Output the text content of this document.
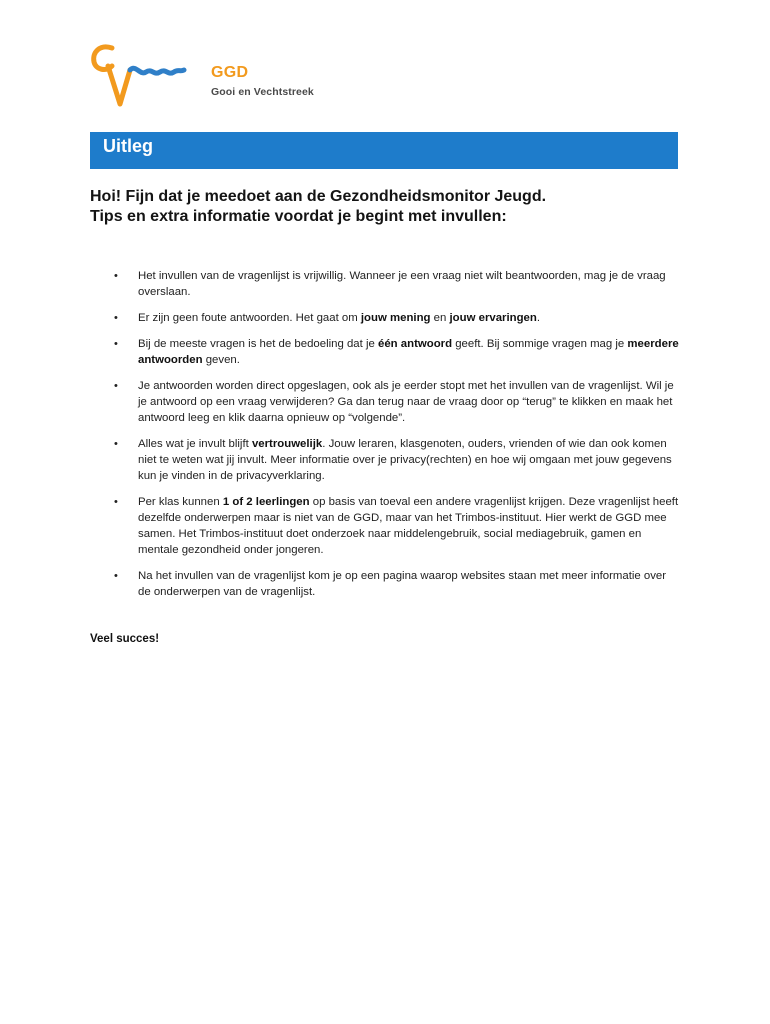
GGD
Gooi en Vechtstreek
Uitleg
Hoi! Fijn dat je meedoet aan de Gezondheidsmonitor Jeugd.
Tips en extra informatie voordat je begint met invullen:
• Het invullen van de vragenlijst is vrijwillig. Wanneer je een vraag niet wilt beantwoorden, mag je de vraag overslaan.
• Er zijn geen foute antwoorden. Het gaat om jouw mening en jouw ervaringen.
• Bij de meeste vragen is het de bedoeling dat je één antwoord geeft. Bij sommige vragen mag je meerdere antwoorden geven.
• Je antwoorden worden direct opgeslagen, ook als je eerder stopt met het invullen van de vragenlijst. Wil je je antwoord op een vraag verwijderen? Ga dan terug naar de vraag door op “terug” te klikken en maak het antwoord leeg en klik daarna opnieuw op “volgende”.
• Alles wat je invult blijft vertrouwelijk. Jouw leraren, klasgenoten, ouders, vrienden of wie dan ook komen niet te weten wat jij invult. Meer informatie over je privacy(rechten) en hoe wij omgaan met jouw gegevens kun je vinden in de privacyverklaring.
• Per klas kunnen 1 of 2 leerlingen op basis van toeval een andere vragenlijst krijgen. Deze vragenlijst heeft dezelfde onderwerpen maar is niet van de GGD, maar van het Trimbos-instituut. Hier werkt de GGD mee samen. Het Trimbos-instituut doet onderzoek naar middelengebruik, social mediagebruik, gamen en mentale gezondheid onder jongeren.
• Na het invullen van de vragenlijst kom je op een pagina waarop websites staan met meer informatie over de onderwerpen van de vragenlijst.
Veel succes!
